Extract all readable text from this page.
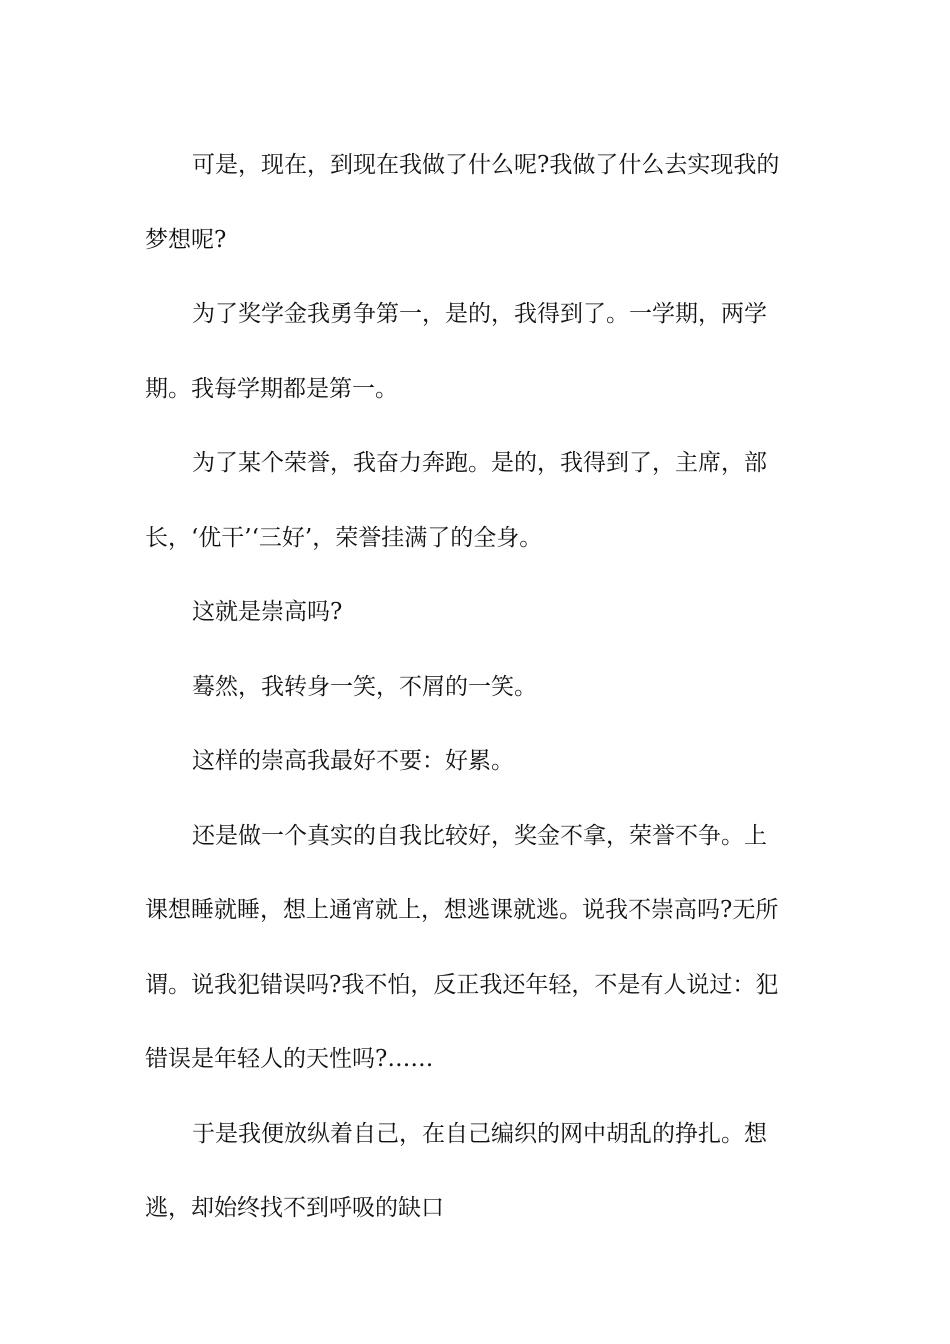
可是，现在，到现在我做了什么呢?我做了什么去实现我的
梦想呢?
为了奖学金我勇争第一，是的，我得到了。一学期，两学
期。我每学期都是第一。
为了某个荣誉，我奋力奔跑。是的，我得到了，主席，部
长，‘优干’‘三好’，荣誉挂满了的全身。
这就是崇高吗?
蓦然，我转身一笑，不屑的一笑。
这样的崇高我最好不要：好累。
还是做一个真实的自我比较好，奖金不拿，荣誉不争。上
课想睡就睡，想上通宵就上，想逃课就逃。说我不崇高吗?无所
谓。说我犯错误吗?我不怕，反正我还年轻，不是有人说过：犯
错误是年轻人的天性吗?……
于是我便放纵着自己，在自己编织的网中胡乱的挣扎。想
逃，却始终找不到呼吸的缺口
